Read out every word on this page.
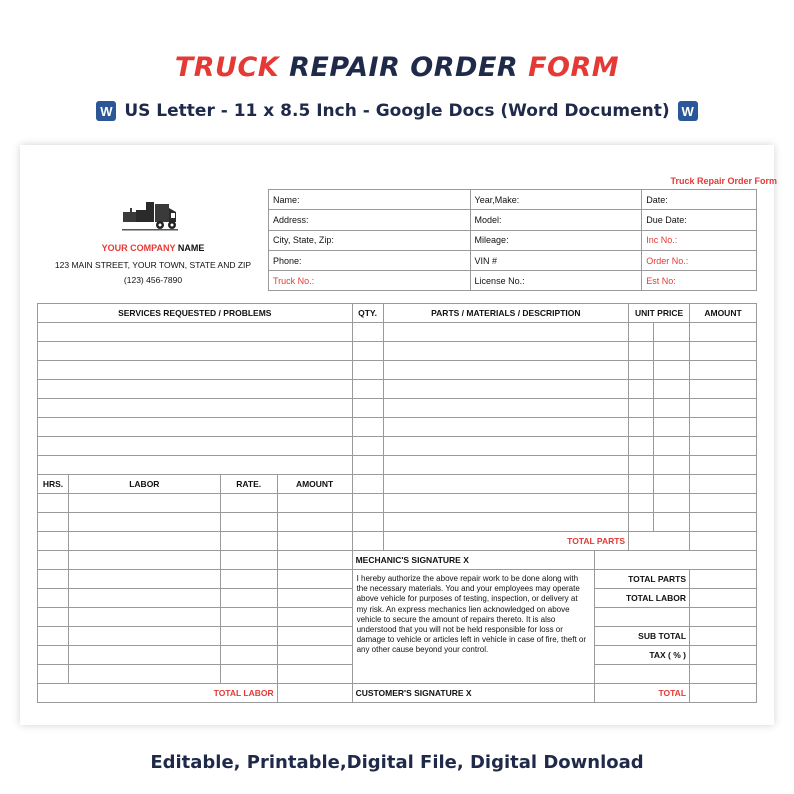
TRUCK REPAIR ORDER FORM
W US Letter - 11 x 8.5 Inch - Google Docs (Word Document) W
Truck Repair Order Form
YOUR COMPANY NAME
123 MAIN STREET, YOUR TOWN, STATE AND ZIP
(123) 456-7890
Name:	Year,Make:	Date:
Address:	Model:	Due Date:
City, State, Zip:	Mileage:	Inc No.:
Phone:	VIN #	Order No.:
Truck No.:	License No.:	Est No:
SERVICES REQUESTED / PROBLEMS				QTY.	PARTS / MATERIALS / DESCRIPTION		UNIT PRICE		AMOUNT

HRS.	LABOR	RATE.	AMOUNT						

					TOTAL PARTS				
				MECHANIC'S SIGNATURE X					
				I hereby authorize the above repair work to be done along with the necessary materials. You and your employees may operate above vehicle for purposes of testing, inspection, or delivery at my risk. An express mechanics lien acknowledged on above vehicle to secure the amount of repairs thereto. It is also understood that you will not be held responsible for loss or damage to vehicle or articles left in vehicle in case of fire, theft or any other cause beyond your control.		TOTAL PARTS			
						TOTAL LABOR			

						SUB TOTAL			
						TAX ( % )			

TOTAL LABOR				CUSTOMER'S SIGNATURE X		TOTAL			
Editable, Printable,Digital File, Digital Download
